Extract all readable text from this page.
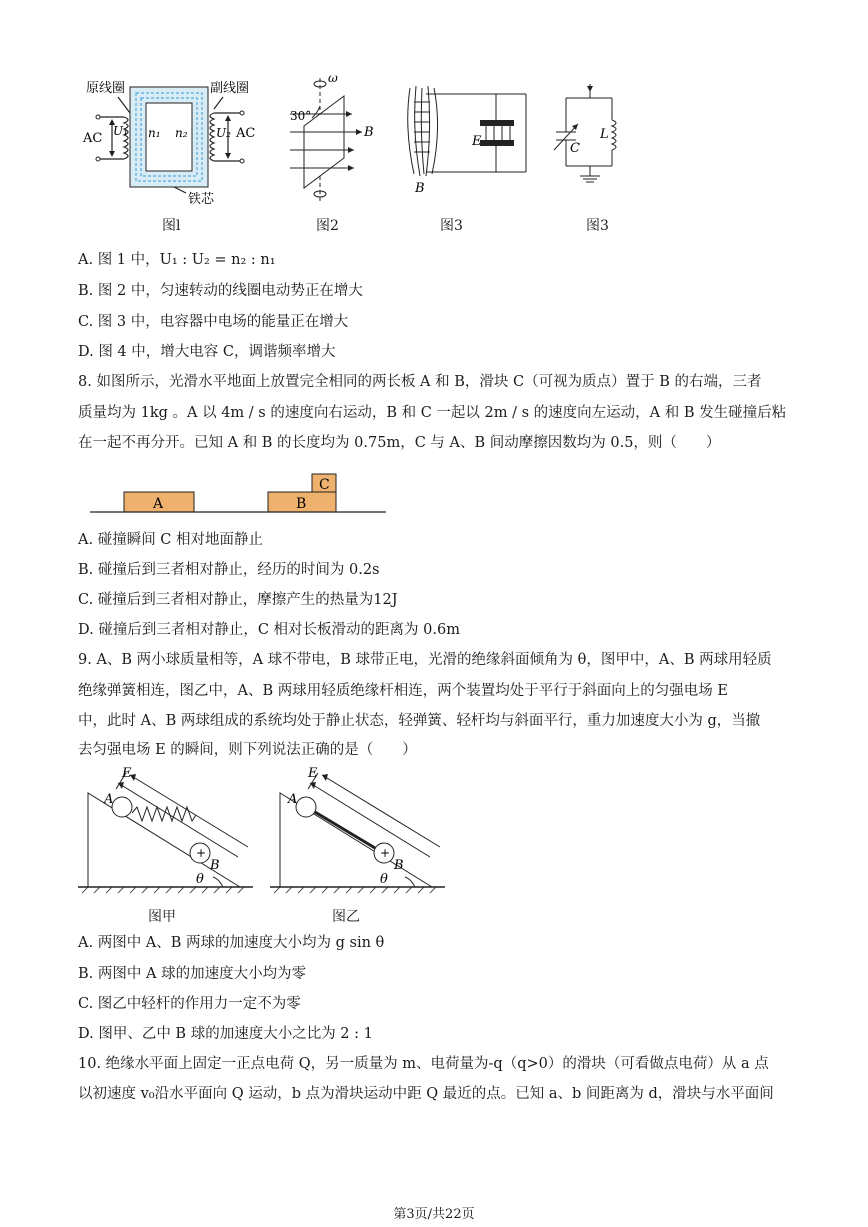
原线圈	副线圈
AC U₁ n₁ n₂ U₂ AC
铁芯
图l
ω
30°
B
图2
E
B
图3
C
L
图3
A. 图 1 中，U₁ : U₂ = n₂ : n₁
B. 图 2 中，匀速转动的线圈电动势正在增大
C. 图 3 中，电容器中电场的能量正在增大
D. 图 4 中，增大电容 C，调谐频率增大
8. 如图所示，光滑水平地面上放置完全相同的两长板 A 和 B，滑块 C（可视为质点）置于 B 的右端，三者
质量均为 1kg 。A 以 4m / s 的速度向右运动，B 和 C 一起以 2m / s 的速度向左运动，A 和 B 发生碰撞后粘
在一起不再分开。已知 A 和 B 的长度均为 0.75m，C 与 A、B 间动摩擦因数均为 0.5，则（　　）
A	B
C
A. 碰撞瞬间 C 相对地面静止
B. 碰撞后到三者相对静止，经历的时间为 0.2s
C. 碰撞后到三者相对静止，摩擦产生的热量为12J
D. 碰撞后到三者相对静止，C 相对长板滑动的距离为 0.6m
9. A、B 两小球质量相等，A 球不带电，B 球带正电，光滑的绝缘斜面倾角为 θ，图甲中，A、B 两球用轻质
绝缘弹簧相连，图乙中，A、B 两球用轻质绝缘杆相连，两个装置均处于平行于斜面向上的匀强电场 E
中，此时 A、B 两球组成的系统均处于静止状态，轻弹簧、轻杆均与斜面平行，重力加速度大小为 g，当撤
去匀强电场 E 的瞬间，则下列说法正确的是（　　）
E
A
+
B
θ
图甲
E
A
+
B
θ
图乙
A. 两图中 A、B 两球的加速度大小均为 g sin θ
B. 两图中 A 球的加速度大小均为零
C. 图乙中轻杆的作用力一定不为零
D. 图甲、乙中 B 球的加速度大小之比为 2 : 1
10. 绝缘水平面上固定一正点电荷 Q，另一质量为 m、电荷量为-q（q>0）的滑块（可看做点电荷）从 a 点
以初速度 v₀沿水平面向 Q 运动，b 点为滑块运动中距 Q 最近的点。已知 a、b 间距离为 d，滑块与水平面间
第3页/共22页
